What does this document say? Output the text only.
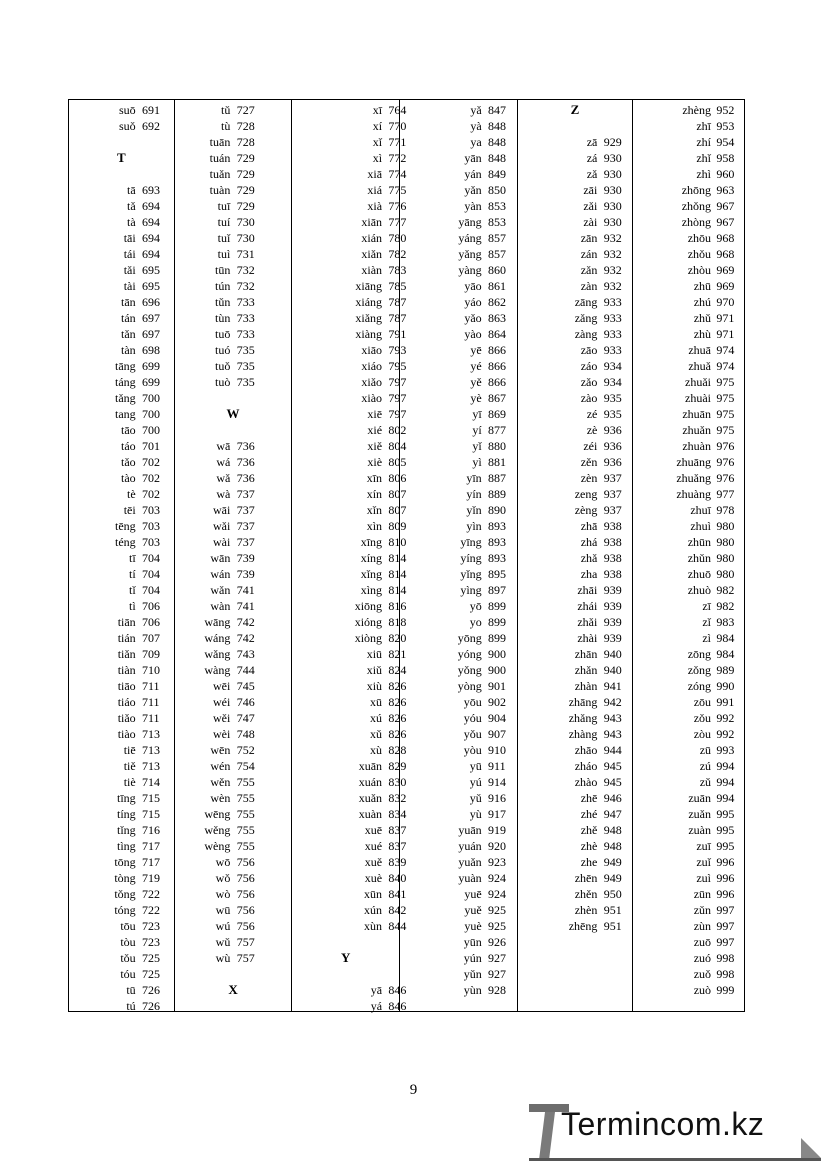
suō 691
suǒ 692
T
tā 693
tǎ 694
tà 694
tāi 694
tái 694
tǎi 695
tài 695
tān 696
tán 697
tǎn 697
tàn 698
tāng 699
táng 699
tǎng 700
tang 700
tāo 700
táo 701
tǎo 702
tào 702
tè 702
tēi 703
tēng 703
téng 703
tī 704
tí 704
tǐ 704
tì 706
tiān 706
tián 707
tiǎn 709
tiàn 710
tiāo 711
tiáo 711
tiǎo 711
tiào 713
tiē 713
tiě 713
tiè 714
tīng 715
tíng 715
tǐng 716
tìng 717
tōng 717
tòng 719
tǒng 722
tóng 722
tōu 723
tòu 723
tǒu 725
tóu 725
tū 726
tú 726
tǔ 727
tù 728
tuān 728
tuán 729
tuǎn 729
tuàn 729
tuī 729
tuí 730
tuǐ 730
tuì 731
tūn 732
tún 732
tǔn 733
tùn 733
tuō 733
tuó 735
tuǒ 735
tuò 735
W
wā 736
wá 736
wǎ 736
wà 737
wāi 737
wǎi 737
wài 737
wān 739
wán 739
wǎn 741
wàn 741
wāng 742
wáng 742
wǎng 743
wàng 744
wēi 745
wéi 746
wěi 747
wèi 748
wēn 752
wén 754
wěn 755
wèn 755
wēng 755
wěng 755
wèng 755
wō 756
wǒ 756
wò 756
wū 756
wú 756
wǔ 757
wù 757
X
xī 764
xí 770
xǐ 771
xì 772
xiā 774
xiá 775
xià 776
xiān 777
xián 780
xiǎn 782
xiàn 783
xiāng 785
xiáng 787
xiǎng 787
xiàng 791
xiāo 793
xiáo 795
xiǎo 797
xiào 797
xiē 797
xié 802
xiě 804
xiè 805
xīn 806
xín 807
xǐn 807
xìn 809
xīng 810
xíng 814
xǐng 814
xìng 814
xiōng 816
xióng 818
xiòng 820
xiū 821
xiǔ 824
xiù 826
xū 826
xú 826
xǔ 826
xù 828
xuān 829
xuán 830
xuǎn 832
xuàn 834
xuē 837
xué 837
xuě 839
xuè 840
xūn 841
xún 842
xùn 844
Y
yā 846
yá 846
yǎ 847
yà 848
ya 848
yān 848
yán 849
yǎn 850
yàn 853
yāng 853
yáng 857
yǎng 857
yàng 860
yāo 861
yáo 862
yǎo 863
yào 864
yē 866
yé 866
yě 866
yè 867
yī 869
yí 877
yǐ 880
yì 881
yīn 887
yín 889
yǐn 890
yìn 893
yīng 893
yíng 893
yǐng 895
yìng 897
yō 899
yo 899
yōng 899
yóng 900
yǒng 900
yòng 901
yōu 902
yóu 904
yǒu 907
yòu 910
yū 911
yú 914
yǔ 916
yù 917
yuān 919
yuán 920
yuǎn 923
yuàn 924
yuē 924
yuě 925
yuè 925
yūn 926
yún 927
yǔn 927
yùn 928
Z
zā 929
zá 930
zǎ 930
zāi 930
zǎi 930
zài 930
zān 932
zán 932
zǎn 932
zàn 932
zāng 933
zǎng 933
zàng 933
zāo 933
záo 934
zǎo 934
zào 935
zé 935
zè 936
zéi 936
zěn 936
zèn 937
zeng 937
zèng 937
zhā 938
zhá 938
zhǎ 938
zha 938
zhāi 939
zhái 939
zhǎi 939
zhài 939
zhān 940
zhǎn 940
zhàn 941
zhāng 942
zhǎng 943
zhàng 943
zhāo 944
zháo 945
zhào 945
zhē 946
zhé 947
zhě 948
zhè 948
zhe 949
zhēn 949
zhěn 950
zhèn 951
zhēng 951
zhèng 952
zhī 953
zhí 954
zhǐ 958
zhì 960
zhōng 963
zhǒng 967
zhòng 967
zhōu 968
zhǒu 968
zhòu 969
zhū 969
zhú 970
zhǔ 971
zhù 971
zhuā 974
zhuǎ 974
zhuǎi 975
zhuài 975
zhuān 975
zhuǎn 975
zhuàn 976
zhuāng 976
zhuǎng 976
zhuàng 977
zhuī 978
zhuì 980
zhūn 980
zhǔn 980
zhuō 980
zhuò 982
zī 982
zǐ 983
zì 984
zōng 984
zǒng 989
zóng 990
zōu 991
zǒu 992
zòu 992
zū 993
zú 994
zǔ 994
zuān 994
zuǎn 995
zuàn 995
zuī 995
zuǐ 996
zuì 996
zūn 996
zǔn 997
zùn 997
zuō 997
zuó 998
zuǒ 998
zuò 999
9
Termincom.kz
